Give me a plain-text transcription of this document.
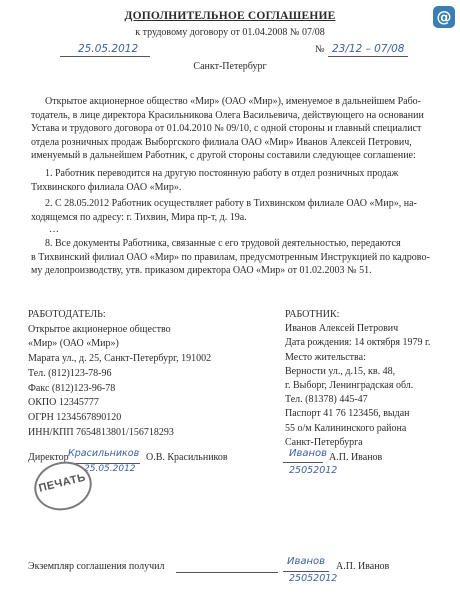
@
ДОПОЛНИТЕЛЬНОЕ СОГЛАШЕНИЕ
к трудовому договору от 01.04.2008 № 07/08
25.05.2012	№ 23/12 – 07/08
Санкт-Петербург
Открытое акционерное общество «Мир» (ОАО «Мир»), именуемое в дальнейшем Рабо-
тодатель, в лице директора Красильникова Олега Васильевича, действующего на основании
Устава и трудового договора от 01.04.2010 № 09/10, с одной стороны и главный специалист
отдела розничных продаж Выборгского филиала ОАО «Мир» Иванов Алексей Петрович,
именуемый в дальнейшем Работник, с другой стороны составили следующее соглашение:
1. Работник переводится на другую постоянную работу в отдел розничных продаж
Тихвинского филиала ОАО «Мир».
2. С 28.05.2012 Работник осуществляет работу в Тихвинском филиале ОАО «Мир», на-
ходящемся по адресу: г. Тихвин, Мира пр-т, д. 19а.
…
8. Все документы Работника, связанные с его трудовой деятельностью, передаются
в Тихвинский филиал ОАО «Мир» по правилам, предусмотренным Инструкцией по кадрово-
му делопроизводству, утв. приказом директора ОАО «Мир» от 01.02.2003 № 51.
РАБОТОДАТЕЛЬ:
Открытое акционерное общество
«Мир» (ОАО «Мир»)
Марата ул., д. 25, Санкт-Петербург, 191002
Тел. (812)123-78-96
Факс (812)123-96-78
ОКПО 12345777
ОГРН 1234567890120
ИНН/КПП 7654813801/156718293
РАБОТНИК:
Иванов Алексей Петрович
Дата рождения: 14 октября 1979 г.
Место жительства:
Верности ул., д.15, кв. 48,
г. Выборг, Ленинградская обл.
Тел. (81378) 445-47
Паспорт 41 76 123456, выдан
55 о/м Калининского района
Санкт-Петербурга
Директор Красильников О.В. Красильников
25.05.2012
ПЕЧАТЬ
Иванов А.П. Иванов
25052012
Экземпляр соглашения получил	Иванов А.П. Иванов
25052012
